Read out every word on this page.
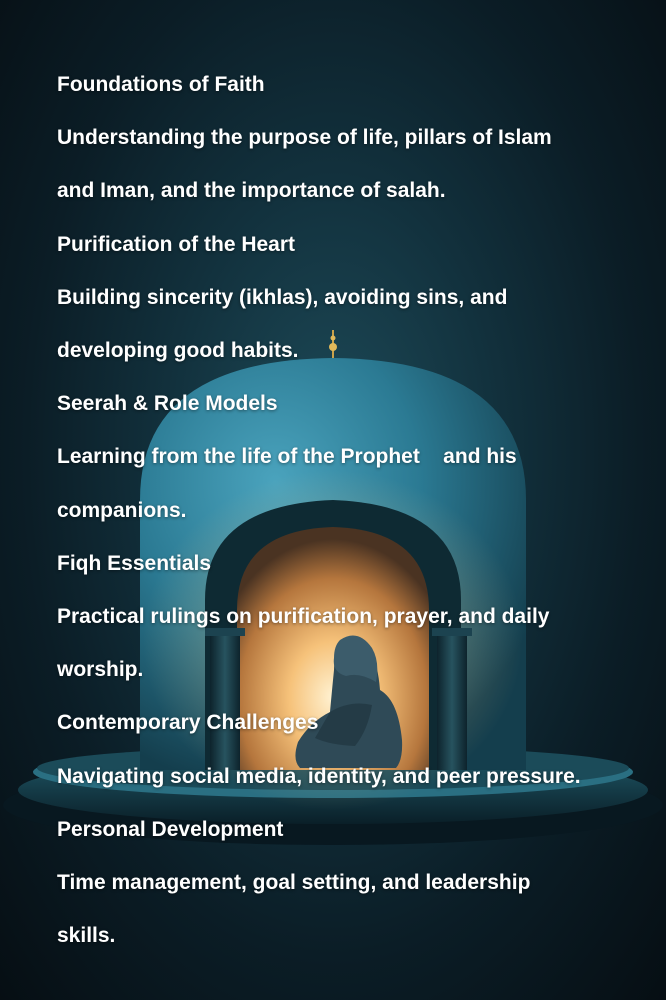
Foundations of Faith
Understanding the purpose of life, pillars of Islam
and Iman, and the importance of salah.
Purification of the Heart
Building sincerity (ikhlas), avoiding sins, and
developing good habits.
Seerah & Role Models
Learning from the life of the Prophet    and his
companions.
Fiqh Essentials
Practical rulings on purification, prayer, and daily
worship.
Contemporary Challenges
Navigating social media, identity, and peer pressure.
Personal Development
Time management, goal setting, and leadership
skills.
